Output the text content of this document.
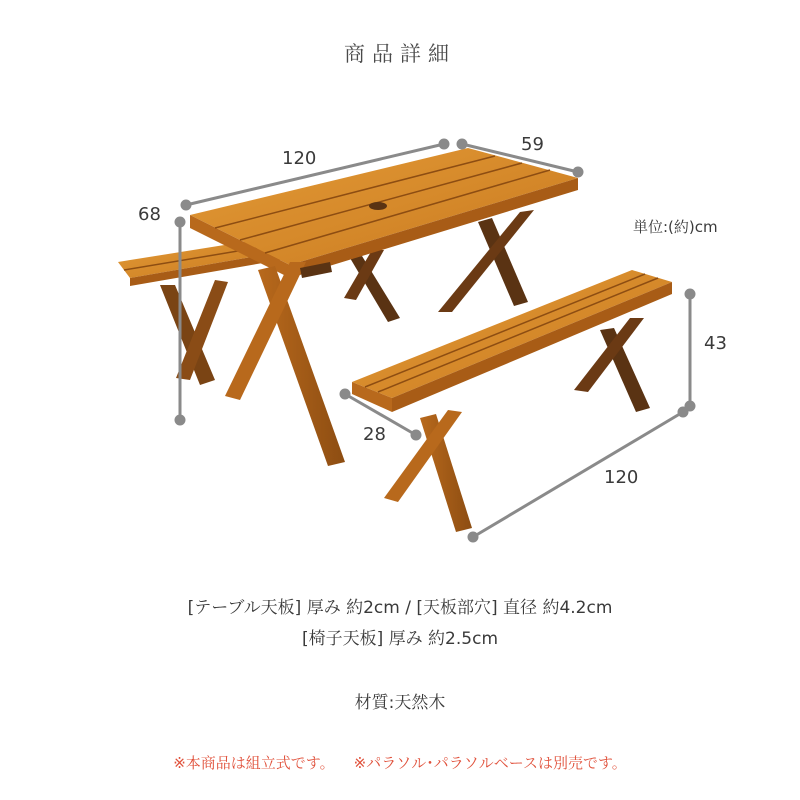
商品詳細
120
59
68
43
28
120
単位:(約)cm
[テーブル天板] 厚み 約2cm / [天板部穴] 直径 約4.2cm
[椅子天板] 厚み 約2.5cm
材質:天然木
※本商品は組立式です。 ※パラソル･パラソルベースは別売です。
